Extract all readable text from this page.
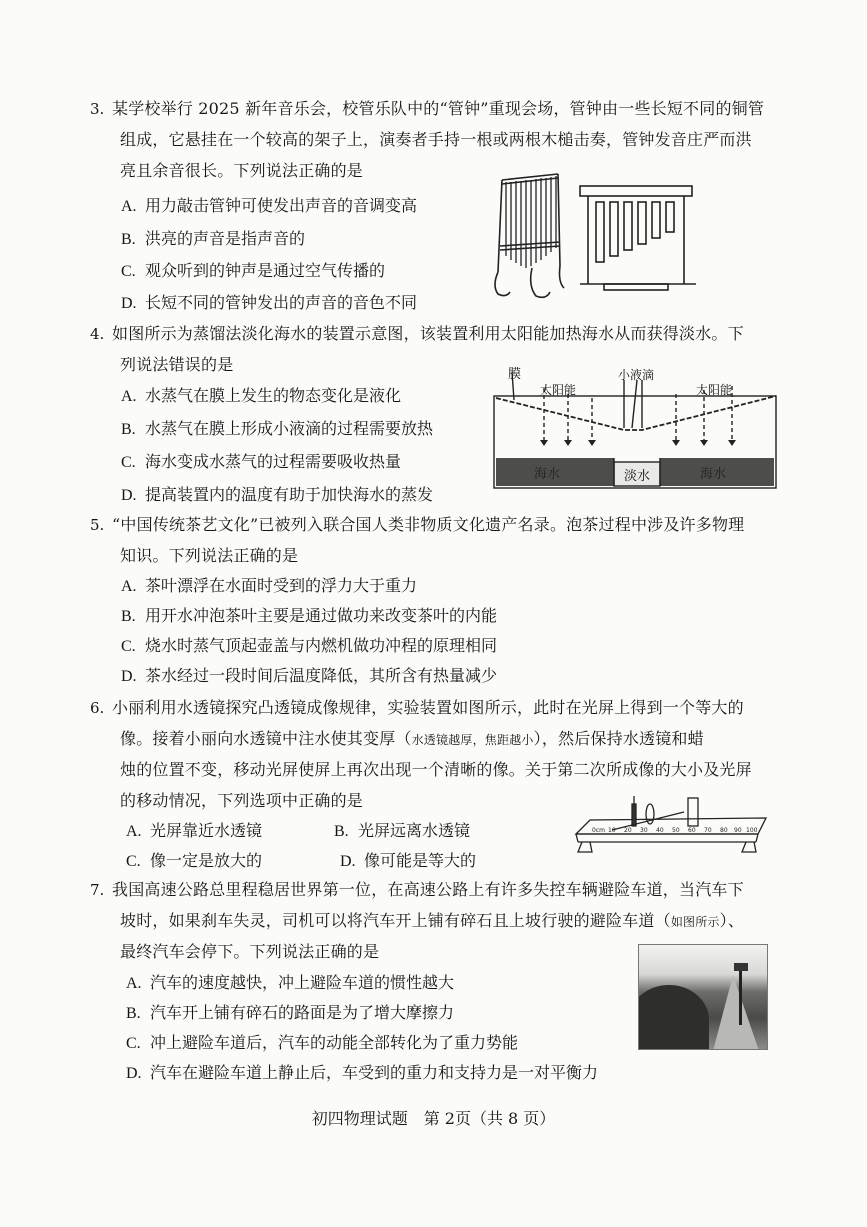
3. 某学校举行 2025 新年音乐会，校管乐队中的“管钟”重现会场，管钟由一些长短不同的铜管
组成，它悬挂在一个较高的架子上，演奏者手持一根或两根木槌击奏，管钟发音庄严而洪
亮且余音很长。下列说法正确的是
A. 用力敲击管钟可使发出声音的音调变高
B. 洪亮的声音是指声音的
C. 观众听到的钟声是通过空气传播的
D. 长短不同的管钟发出的声音的音色不同
4. 如图所示为蒸馏法淡化海水的装置示意图，该装置利用太阳能加热海水从而获得淡水。下
列说法错误的是
A. 水蒸气在膜上发生的物态变化是液化
B. 水蒸气在膜上形成小液滴的过程需要放热
C. 海水变成水蒸气的过程需要吸收热量
D. 提高装置内的温度有助于加快海水的蒸发
膜
太阳能
小液滴
太阳能
海水	淡水	海水
5. “中国传统茶艺文化”已被列入联合国人类非物质文化遗产名录。泡茶过程中涉及许多物理
知识。下列说法正确的是
A. 茶叶漂浮在水面时受到的浮力大于重力
B. 用开水冲泡茶叶主要是通过做功来改变茶叶的内能
C. 烧水时蒸气顶起壶盖与内燃机做功冲程的原理相同
D. 茶水经过一段时间后温度降低，其所含有热量减少
6. 小丽利用水透镜探究凸透镜成像规律，实验装置如图所示，此时在光屏上得到一个等大的
像。接着小丽向水透镜中注水使其变厚（水透镜越厚，焦距越小），然后保持水透镜和蜡
烛的位置不变，移动光屏使屏上再次出现一个清晰的像。关于第二次所成像的大小及光屏
的移动情况，下列选项中正确的是
A. 光屏靠近水透镜	B. 光屏远离水透镜
C. 像一定是放大的	D. 像可能是等大的
0cm 10 20 30 40 50 60 70 80 90 100
7. 我国高速公路总里程稳居世界第一位，在高速公路上有许多失控车辆避险车道，当汽车下
坡时，如果刹车失灵，司机可以将汽车开上铺有碎石且上坡行驶的避险车道（如图所示）、
最终汽车会停下。下列说法正确的是
A. 汽车的速度越快，冲上避险车道的惯性越大
B. 汽车开上铺有碎石的路面是为了增大摩擦力
C. 冲上避险车道后，汽车的动能全部转化为了重力势能
D. 汽车在避险车道上静止后，车受到的重力和支持力是一对平衡力
初四物理试题　第 2页（共 8 页）
